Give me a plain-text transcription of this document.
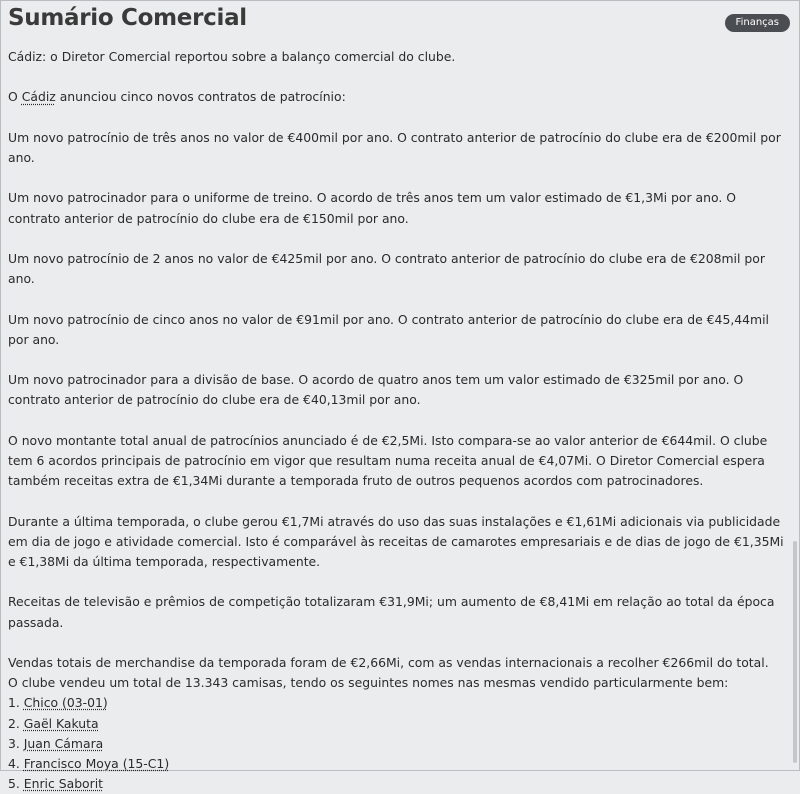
Sumário Comercial	Finanças

Cádiz: o Diretor Comercial reportou sobre a balanço comercial do clube.

O Cádiz anunciou cinco novos contratos de patrocínio:

Um novo patrocínio de três anos no valor de €400mil por ano. O contrato anterior de patrocínio do clube era de €200mil por ano.

Um novo patrocinador para o uniforme de treino. O acordo de três anos tem um valor estimado de €1,3Mi por ano. O contrato anterior de patrocínio do clube era de €150mil por ano.

Um novo patrocínio de 2 anos no valor de €425mil por ano. O contrato anterior de patrocínio do clube era de €208mil por ano.

Um novo patrocínio de cinco anos no valor de €91mil por ano. O contrato anterior de patrocínio do clube era de €45,44mil por ano.

Um novo patrocinador para a divisão de base. O acordo de quatro anos tem um valor estimado de €325mil por ano. O contrato anterior de patrocínio do clube era de €40,13mil por ano.

O novo montante total anual de patrocínios anunciado é de €2,5Mi. Isto compara-se ao valor anterior de €644mil. O clube tem 6 acordos principais de patrocínio em vigor que resultam numa receita anual de €4,07Mi. O Diretor Comercial espera também receitas extra de €1,34Mi durante a temporada fruto de outros pequenos acordos com patrocinadores.

Durante a última temporada, o clube gerou €1,7Mi através do uso das suas instalações e €1,61Mi adicionais via publicidade em dia de jogo e atividade comercial. Isto é comparável às receitas de camarotes empresariais e de dias de jogo de €1,35Mi e €1,38Mi da última temporada, respectivamente.

Receitas de televisão e prêmios de competição totalizaram €31,9Mi; um aumento de €8,41Mi em relação ao total da época passada.

Vendas totais de merchandise da temporada foram de €2,66Mi, com as vendas internacionais a recolher €266mil do total.

O clube vendeu um total de 13.343 camisas, tendo os seguintes nomes nas mesmas vendido particularmente bem:

1. Chico (03-01)

2. Gaël Kakuta

3. Juan Cámara

4. Francisco Moya (15-C1)

5. Enric Saborit
